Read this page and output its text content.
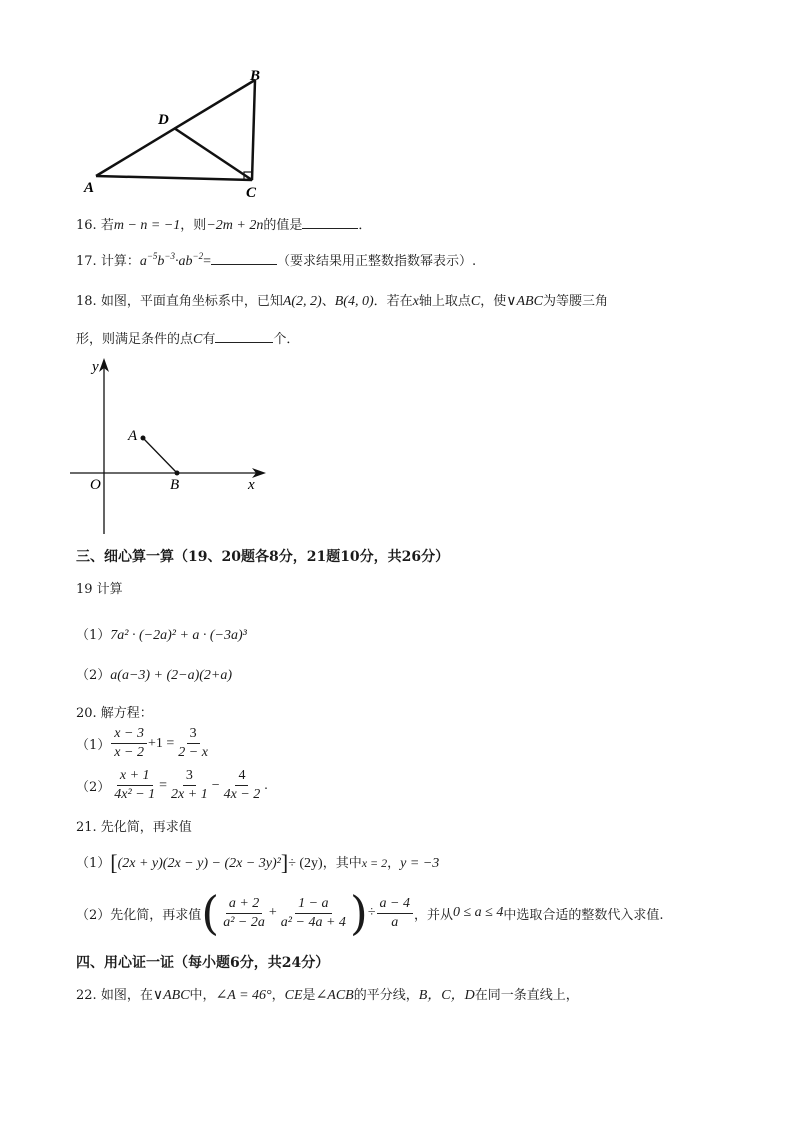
A
B
C
D
16. 若m − n = −1，则−2m + 2n的值是	．
17. 计算：$a^{-5}b^{-3}\cdot ab^{-2}=$	（要求结果用正整数指数幂表示）.
18. 如图，平面直角坐标系中，已知A(2, 2)、B(4, 0)．若在x轴上取点C，使∨ABC为等腰三角
形，则满足条件的点C有	个．
y
x
O
A
B
三、细心算一算（19、20题各8分，21题10分，共26分）
19 计算
（1）7a² · (−2a)² + a · (−3a)³
（2）a(a−3) + (2−a)(2+a)
20. 解方程：
$(1) \frac{x - 3}{x - 2} +1 = \frac{3}{2 - x}$
$(2) \frac{x + 1}{\text{4x² − 1}} = \frac{3}{2x + 1} - \frac{4}{4x - 2}$ .
21. 先化简，再求值
（1）[(2x + y)(2x − y) − (2x − 3y)²]÷ (2y)，其中x = 2，y = −3
（2）先化简，再求值 ( $\frac{a + 2}{\text{a² − 2a}} + \frac{1 - a}{\text{a² − 4a + 4}}$ ) ÷ $\frac{a - 4}{a}$ ，并从 0 ≤ a ≤ 4 中选取合适的整数代入求值.
四、用心证一证（每小题6分，共24分）
22. 如图，在∨ABC中，∠A = 46°，CE是∠ACB的平分线，B，C，D在同一条直线上，
